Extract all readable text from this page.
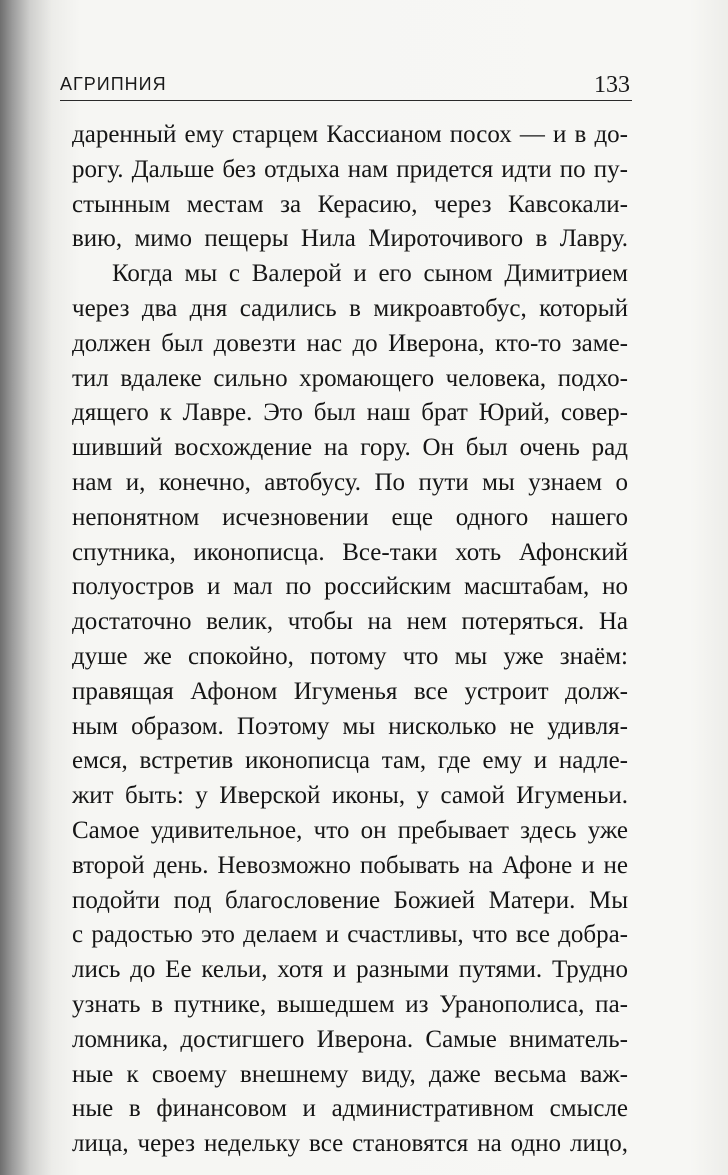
АГРИПНИЯ	133
даренный ему старцем Кассианом посох — и в до-
рогу. Дальше без отдыха нам придется идти по пу-
стынным местам за Керасию, через Кавсокали-
вию, мимо пещеры Нила Мироточивого в Лавру.
Когда мы с Валерой и его сыном Димитрием
через два дня садились в микроавтобус, который
должен был довезти нас до Иверона, кто-то заме-
тил вдалеке сильно хромающего человека, подхо-
дящего к Лавре. Это был наш брат Юрий, совер-
шивший восхождение на гору. Он был очень рад
нам и, конечно, автобусу. По пути мы узнаем о
непонятном исчезновении еще одного нашего
спутника, иконописца. Все-таки хоть Афонский
полуостров и мал по российским масштабам, но
достаточно велик, чтобы на нем потеряться. На
душе же спокойно, потому что мы уже знаём:
правящая Афоном Игуменья все устроит долж-
ным образом. Поэтому мы нисколько не удивля-
емся, встретив иконописца там, где ему и надле-
жит быть: у Иверской иконы, у самой Игуменьи.
Самое удивительное, что он пребывает здесь уже
второй день. Невозможно побывать на Афоне и не
подойти под благословение Божией Матери. Мы
с радостью это делаем и счастливы, что все добра-
лись до Ее кельи, хотя и разными путями. Трудно
узнать в путнике, вышедшем из Уранополиса, па-
ломника, достигшего Иверона. Самые вниматель-
ные к своему внешнему виду, даже весьма важ-
ные в финансовом и административном смысле
лица, через недельку все становятся на одно лицо,
